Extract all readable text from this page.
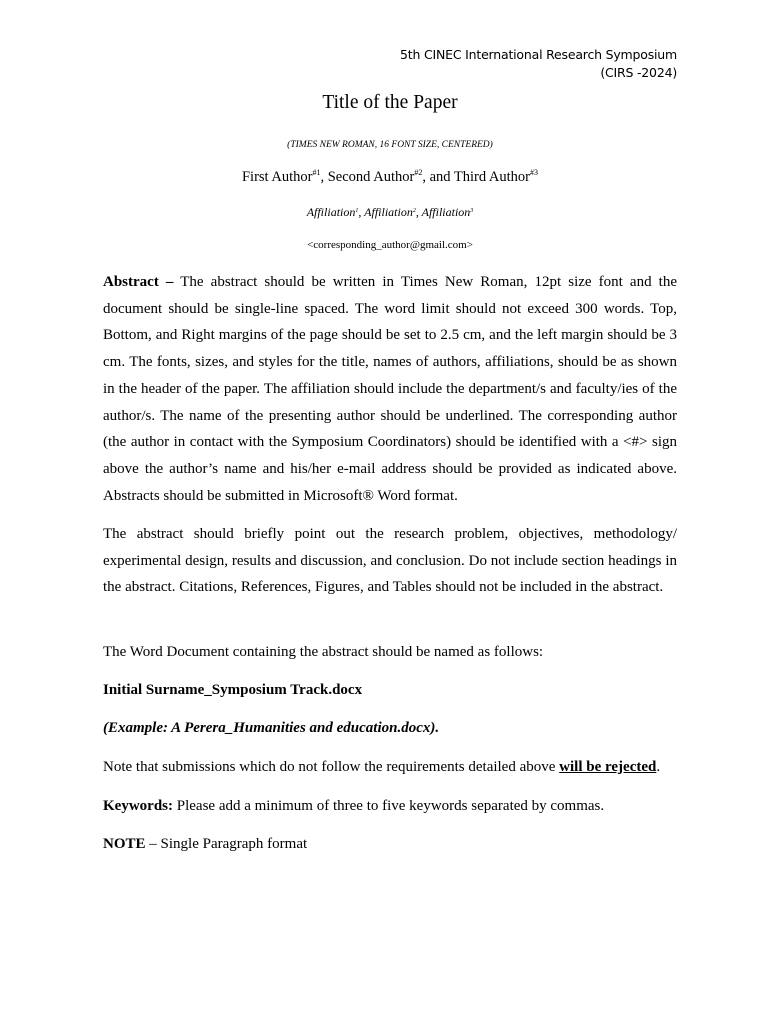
5th CINEC International Research Symposium
(CIRS -2024)
Title of the Paper
(TIMES NEW ROMAN, 16 FONT SIZE, CENTERED)
First Author$^{\#1}$, Second Author$^{\#2}$, and Third Author$^{\#3}$
Affiliation$^1$, Affiliation$^2$, Affiliation$^3$
<corresponding_author@gmail.com>
Abstract – The abstract should be written in Times New Roman, 12pt size font and the document should be single-line spaced. The word limit should not exceed 300 words. Top, Bottom, and Right margins of the page should be set to 2.5 cm, and the left margin should be 3 cm. The fonts, sizes, and styles for the title, names of authors, affiliations, should be as shown in the header of the paper. The affiliation should include the department/s and faculty/ies of the author/s. The name of the presenting author should be underlined. The corresponding author (the author in contact with the Symposium Coordinators) should be identified with a <#> sign above the author’s name and his/her e-mail address should be provided as indicated above. Abstracts should be submitted in Microsoft® Word format.
The abstract should briefly point out the research problem, objectives, methodology/ experimental design, results and discussion, and conclusion. Do not include section headings in the abstract. Citations, References, Figures, and Tables should not be included in the abstract.
The Word Document containing the abstract should be named as follows:
Initial Surname_Symposium Track.docx
(Example: A Perera_Humanities and education.docx).
Note that submissions which do not follow the requirements detailed above will be rejected.
Keywords: Please add a minimum of three to five keywords separated by commas.
NOTE – Single Paragraph format
